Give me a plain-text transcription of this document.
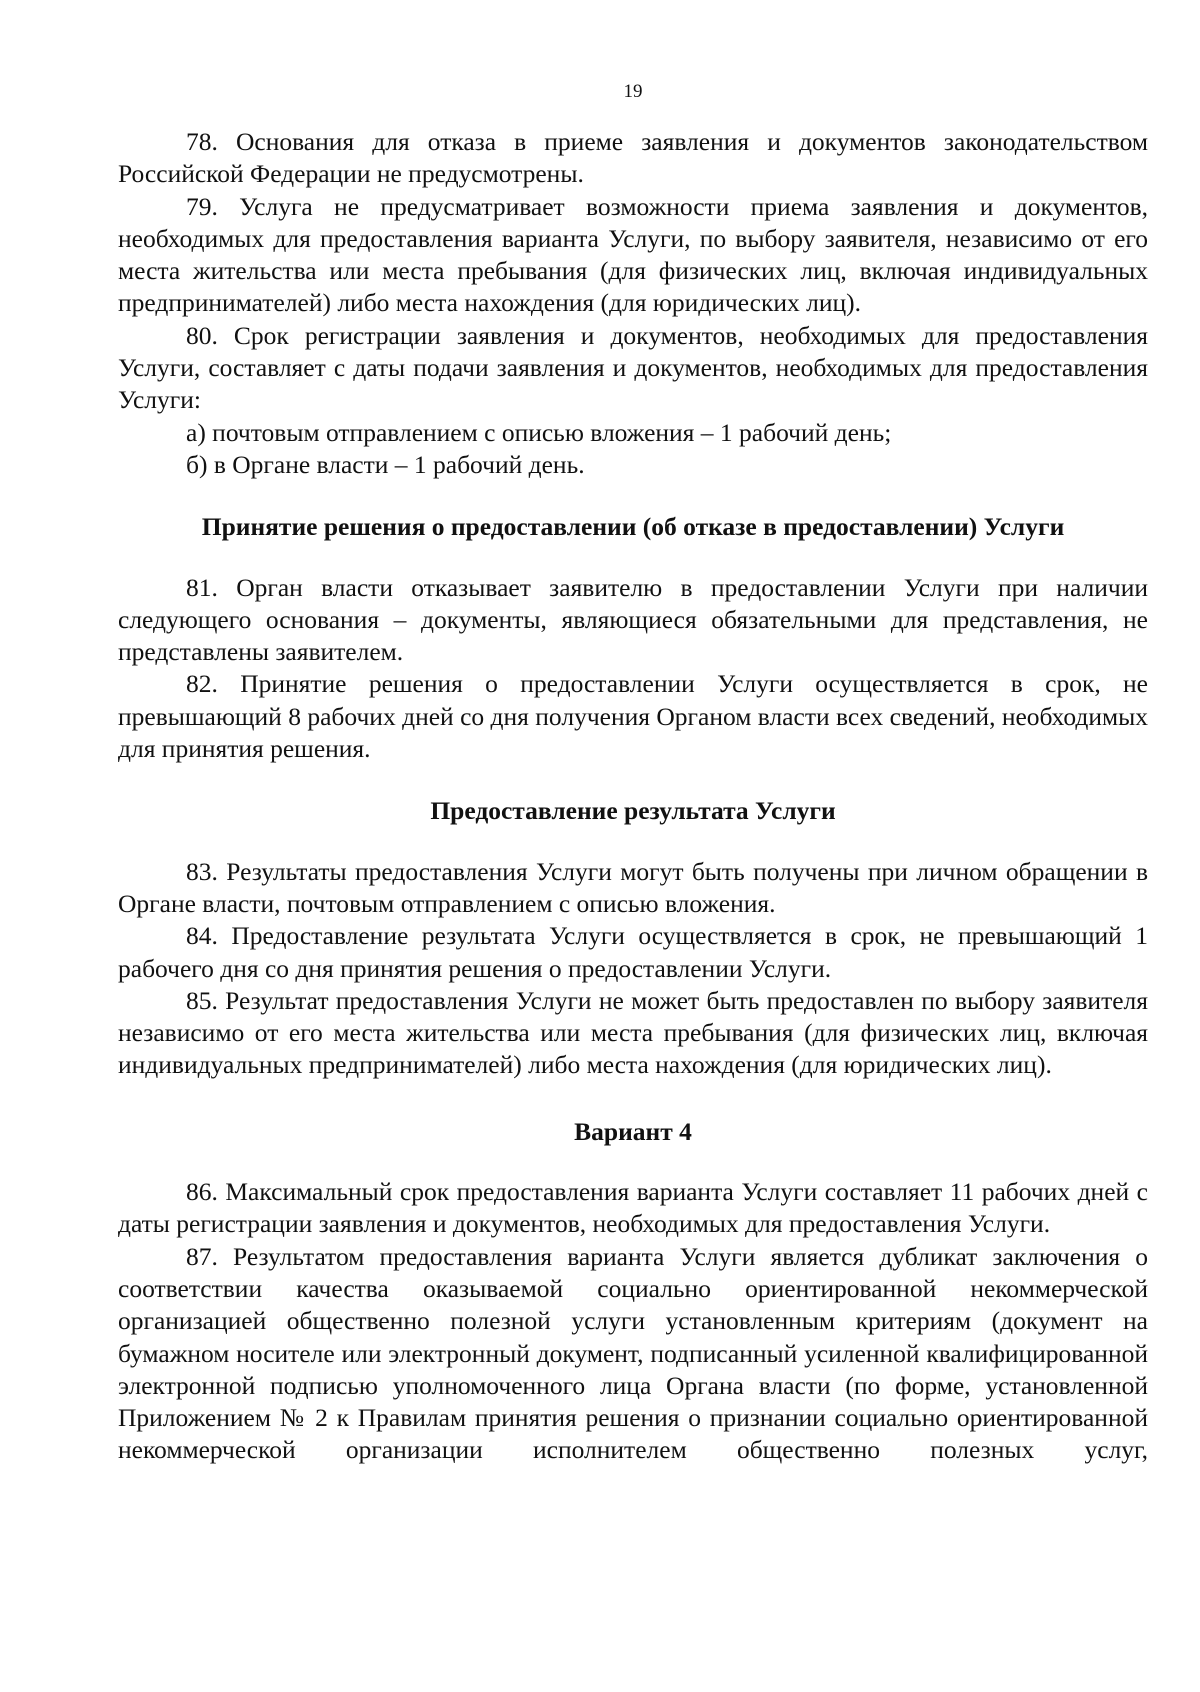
19

78. Основания для отказа в приеме заявления и документов законодательством Российской Федерации не предусмотрены.

79. Услуга не предусматривает возможности приема заявления и документов, необходимых для предоставления варианта Услуги, по выбору заявителя, независимо от его места жительства или места пребывания (для физических лиц, включая индивидуальных предпринимателей) либо места нахождения (для юридических лиц).

80. Срок регистрации заявления и документов, необходимых для предоставления Услуги, составляет с даты подачи заявления и документов, необходимых для предоставления Услуги:

а) почтовым отправлением с описью вложения – 1 рабочий день;

б) в Органе власти – 1 рабочий день.

Принятие решения о предоставлении (об отказе в предоставлении) Услуги

81. Орган власти отказывает заявителю в предоставлении Услуги при наличии следующего основания – документы, являющиеся обязательными для представления, не представлены заявителем.

82. Принятие решения о предоставлении Услуги осуществляется в срок, не превышающий 8 рабочих дней со дня получения Органом власти всех сведений, необходимых для принятия решения.

Предоставление результата Услуги

83. Результаты предоставления Услуги могут быть получены при личном обращении в Органе власти, почтовым отправлением с описью вложения.

84. Предоставление результата Услуги осуществляется в срок, не превышающий 1 рабочего дня со дня принятия решения о предоставлении Услуги.

85. Результат предоставления Услуги не может быть предоставлен по выбору заявителя независимо от его места жительства или места пребывания (для физических лиц, включая индивидуальных предпринимателей) либо места нахождения (для юридических лиц).

Вариант 4

86. Максимальный срок предоставления варианта Услуги составляет 11 рабочих дней с даты регистрации заявления и документов, необходимых для предоставления Услуги.

87. Результатом предоставления варианта Услуги является дубликат заключения о соответствии качества оказываемой социально ориентированной некоммерческой организацией общественно полезной услуги установленным критериям (документ на бумажном носителе или электронный документ, подписанный усиленной квалифицированной электронной подписью уполномоченного лица Органа власти (по форме, установленной Приложением № 2 к Правилам принятия решения о признании социально ориентированной некоммерческой организации исполнителем общественно полезных услуг,
